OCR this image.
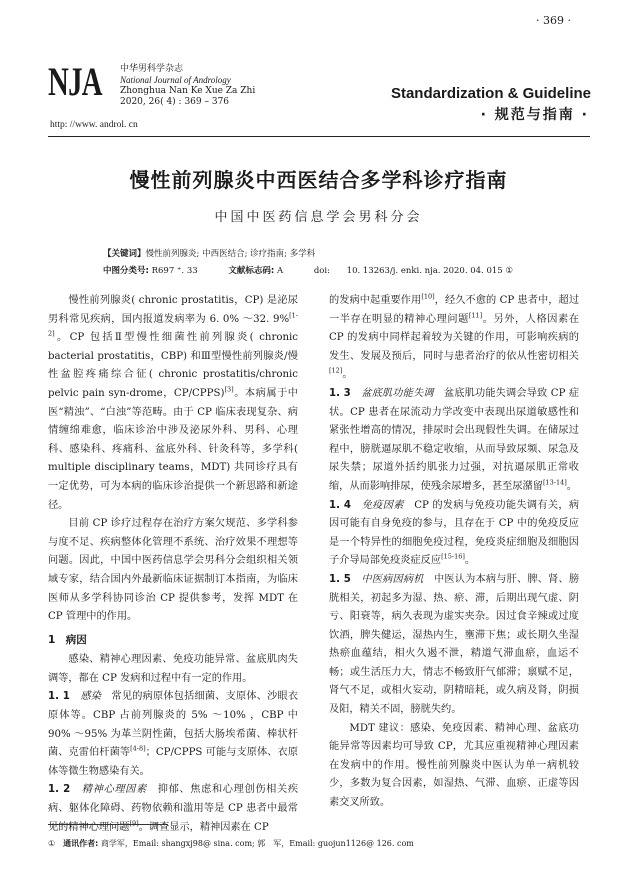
· 369 ·
NJA 中华男科学杂志
National Journal of Andrology
Zhonghua Nan Ke Xue Za Zhi
2020, 26( 4) : 369 – 376
http: //www. androl. cn
Standardization & Guideline
· 规范与指南 ·
慢性前列腺炎中西医结合多学科诊疗指南
中国中医药信息学会男科分会
【关键词】慢性前列腺炎; 中西医结合; 诊疗指南; 多学科
中图分类号: R697 ⁺. 33	文献标志码: A	doi: 10. 13263/j. enki. nja. 2020. 04. 015 ①

慢性前列腺炎( chronic prostatitis，CP) 是泌尿男科常见疾病，国内报道发病率为 6. 0% ～32. 9%[1-2]。CP 包括Ⅱ型慢性细菌性前列腺炎( chronic bacterial prostatitis，CBP) 和Ⅲ型慢性前列腺炎/慢性盆腔疼痛综合征( chronic prostatitis/chronic pelvic pain syn-drome，CP/CPPS)[3]。本病属于中医“精浊”、“白浊”等范畴。由于 CP 临床表现复杂、病情缠绵难愈，临床诊治中涉及泌尿外科、男科、心理科、感染科、疼痛科、盆底外科、针灸科等，多学科( multiple disciplinary teams，MDT) 共同诊疗具有一定优势，可为本病的临床诊治提供一个新思路和新途径。

目前 CP 诊疗过程存在治疗方案欠规范、多学科参与度不足、疾病整体化管理不系统、治疗效果不理想等问题。因此，中国中医药信息学会男科分会组织相关领域专家，结合国内外最新临床证据制订本指南，为临床医师从多学科协同诊治 CP 提供参考，发挥 MDT 在 CP 管理中的作用。

1　病因

感染、精神心理因素、免疫功能异常、盆底肌肉失调等，都在 CP 发病和过程中有一定的作用。

1. 1　 感染　 常见的病原体包括细菌、支原体、沙眼衣原体等。CBP 占前列腺炎的 5% ～10% ，CBP 中 90% ～95% 为革兰阴性菌，包括大肠埃希菌、棒状杆菌、克雷伯杆菌等[4-8]；CP/CPPS 可能与支原体、衣原体等微生物感染有关。

1. 2　 精神心理因素　 抑郁、焦虑和心理创伤相关疾病、躯体化障碍、药物依赖和滥用等是 CP 患者中最常见的精神心理问题[9]。调查显示，精神因素在 CP

的发病中起重要作用[10]，经久不愈的 CP 患者中，超过一半存在明显的精神心理问题[11]。另外，人格因素在 CP 的发病中同样起着较为关键的作用，可影响疾病的发生、发展及预后，同时与患者治疗的依从性密切相关[12]。

1. 3　 盆底肌功能失调　 盆底肌功能失调会导致 CP 症状。CP 患者在尿流动力学改变中表现出尿道敏感性和紧张性增高的情况，排尿时会出现假性失调。在储尿过程中，膀胱逼尿肌不稳定收缩，从而导致尿频、尿急及尿失禁；尿道外括约肌张力过强，对抗逼尿肌正常收缩，从而影响排尿，使残余尿增多，甚至尿潴留[13-14]。

1. 4　 免疫因素　 CP 的发病与免疫功能失调有关，病因可能有自身免疫的参与，且存在于 CP 中的免疫反应是一个特异性的细胞免疫过程，免疫炎症细胞及细胞因子介导局部免疫炎症反应[15-16]。

1. 5　 中医病因病机　 中医认为本病与肝、脾、肾、膀胱相关，初起多为湿、热、瘀、滞，后期出现气虚、阴亏、阳衰等，病久表现为虚实夹杂。因过食辛辣或过度饮酒，脾失健运，湿热内生，壅滞下焦；或长期久坐湿热瘀血蕴结，相火久遏不泄，精道气滞血瘀，血运不畅；或生活压力大，情志不畅致肝气郁滞；禀赋不足，肾气不足，或相火妄动，阴精暗耗，或久病及肾，阴损及阳，精关不固，膀胱失约。

MDT 建议：感染、免疫因素、精神心理、盆底功能异常等因素均可导致 CP，尤其应重视精神心理因素在发病中的作用。慢性前列腺炎中医认为单一病机较少，多数为复合因素，如湿热、气滞、血瘀、正虚等因素交叉所致。

①　 通讯作者: 商学军，Email: shangxj98@ sina. com; 郭　军，Email: guojun1126@ 126. com
